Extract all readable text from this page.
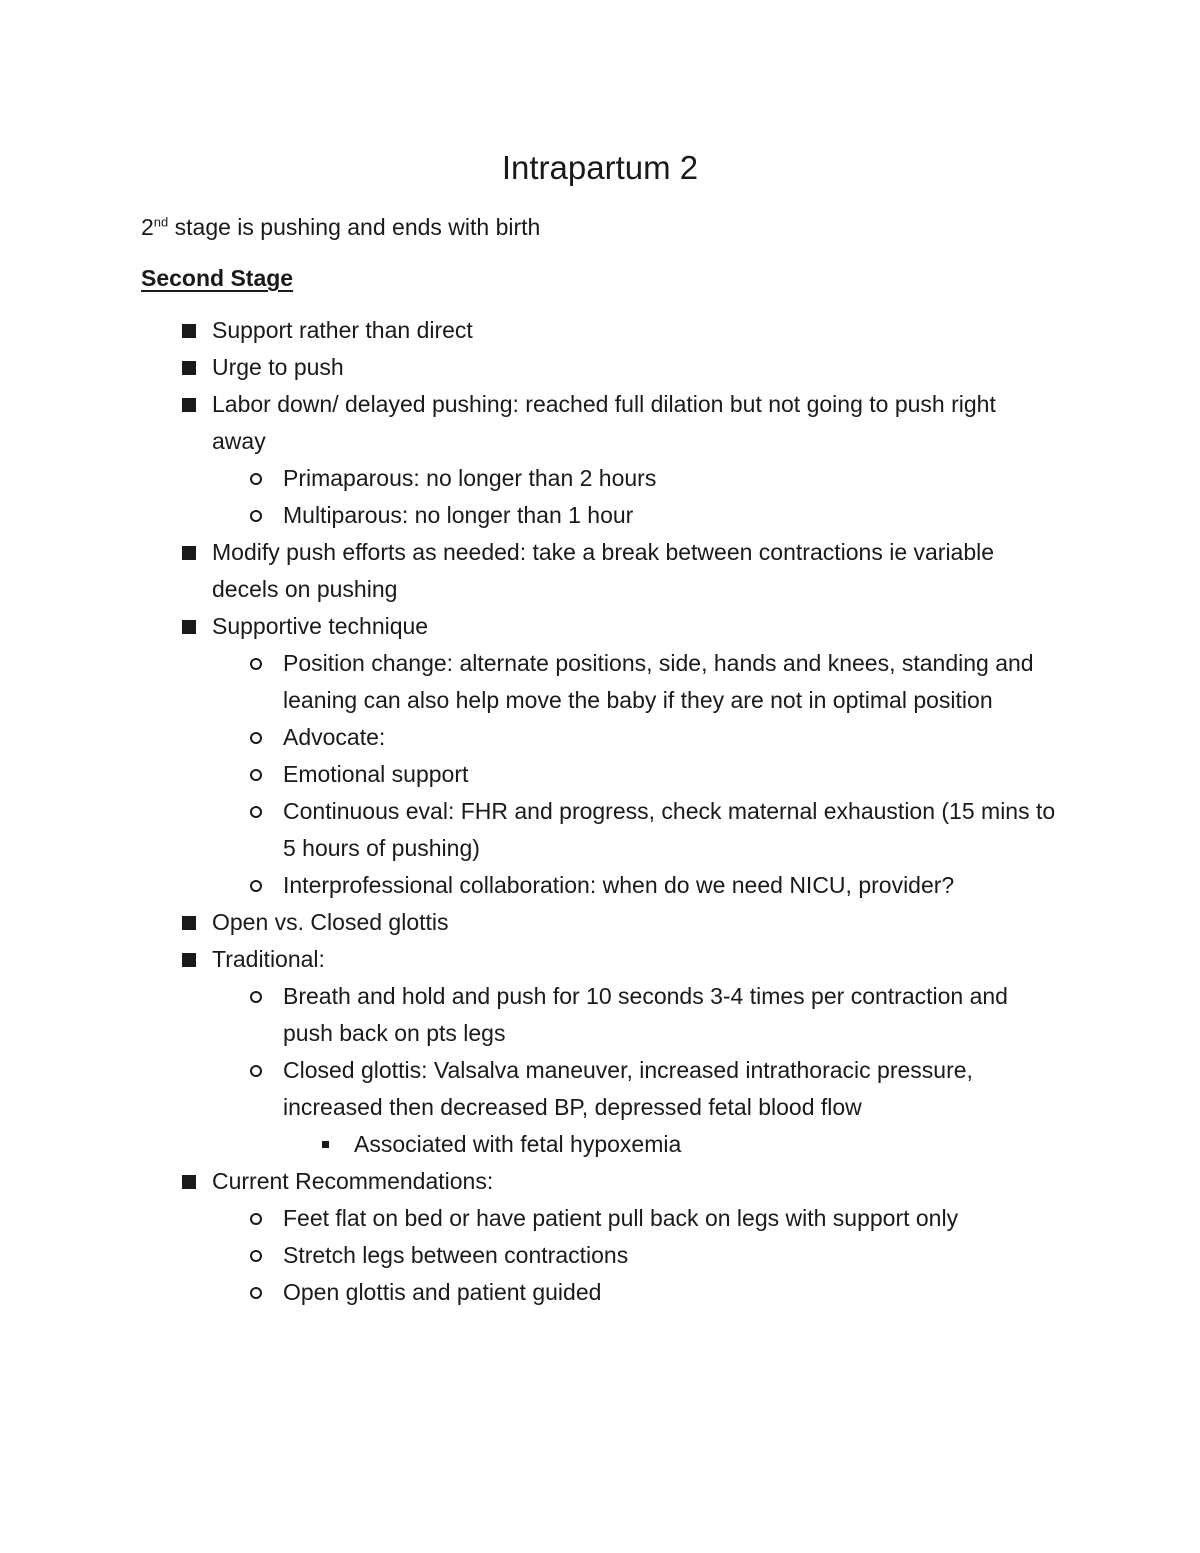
Intrapartum 2
2nd stage is pushing and ends with birth
Second Stage
Support rather than direct
Urge to push
Labor down/ delayed pushing: reached full dilation but not going to push right away
Primaparous: no longer than 2 hours
Multiparous: no longer than 1 hour
Modify push efforts as needed: take a break between contractions ie variable decels on pushing
Supportive technique
Position change: alternate positions, side, hands and knees, standing and leaning can also help move the baby if they are not in optimal position
Advocate:
Emotional support
Continuous eval: FHR and progress, check maternal exhaustion (15 mins to 5 hours of pushing)
Interprofessional collaboration: when do we need NICU, provider?
Open vs. Closed glottis
Traditional:
Breath and hold and push for 10 seconds 3-4 times per contraction and push back on pts legs
Closed glottis: Valsalva maneuver, increased intrathoracic pressure, increased then decreased BP, depressed fetal blood flow
Associated with fetal hypoxemia
Current Recommendations:
Feet flat on bed or have patient pull back on legs with support only
Stretch legs between contractions
Open glottis and patient guided
